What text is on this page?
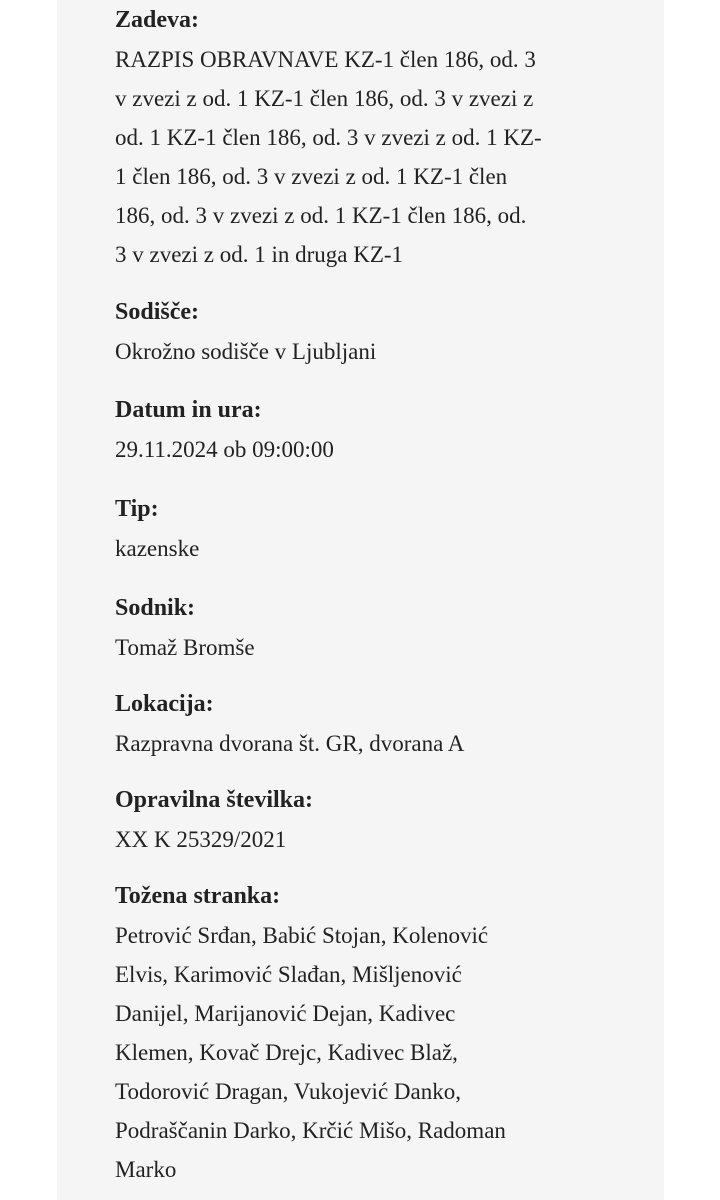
Zadeva:
RAZPIS OBRAVNAVE KZ-1 člen 186, od. 3
v zvezi z od. 1 KZ-1 člen 186, od. 3 v zvezi z
od. 1 KZ-1 člen 186, od. 3 v zvezi z od. 1 KZ-
1 člen 186, od. 3 v zvezi z od. 1 KZ-1 člen
186, od. 3 v zvezi z od. 1 KZ-1 člen 186, od.
3 v zvezi z od. 1 in druga KZ-1
Sodišče:
Okrožno sodišče v Ljubljani
Datum in ura:
29.11.2024 ob 09:00:00
Tip:
kazenske
Sodnik:
Tomaž Bromše
Lokacija:
Razpravna dvorana št. GR, dvorana A
Opravilna številka:
XX K 25329/2021
Tožena stranka:
Petrović Srđan, Babić Stojan, Kolenović
Elvis, Karimović Slađan, Mišljenović
Danijel, Marijanović Dejan, Kadivec
Klemen, Kovač Drejc, Kadivec Blaž,
Todorović Dragan, Vukojević Danko,
Podraščanin Darko, Krčić Mišo, Radoman
Marko
